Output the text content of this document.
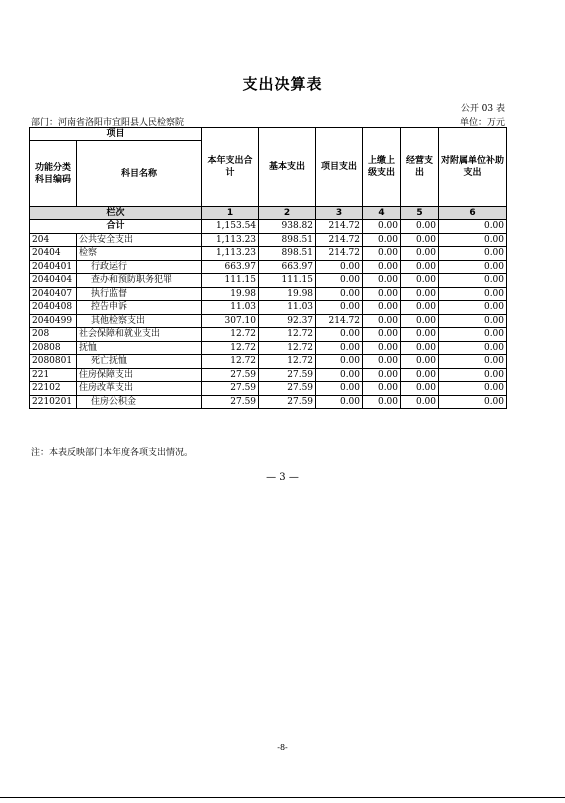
支出决算表
公开 03 表
部门：河南省洛阳市宜阳县人民检察院	单位：万元
项目		本年支出合计	基本支出	项目支出	上缴上级支出	经营支出	对附属单位补助支出
功能分类科目编码	科目名称						
栏次		1	2	3	4	5	6
合计		1,153.54	938.82	214.72	0.00	0.00	0.00
204	公共安全支出	1,113.23	898.51	214.72	0.00	0.00	0.00
20404	检察	1,113.23	898.51	214.72	0.00	0.00	0.00
2040401	行政运行	663.97	663.97	0.00	0.00	0.00	0.00
2040404	查办和预防职务犯罪	111.15	111.15	0.00	0.00	0.00	0.00
2040407	执行监督	19.98	19.98	0.00	0.00	0.00	0.00
2040408	控告申诉	11.03	11.03	0.00	0.00	0.00	0.00
2040499	其他检察支出	307.10	92.37	214.72	0.00	0.00	0.00
208	社会保障和就业支出	12.72	12.72	0.00	0.00	0.00	0.00
20808	抚恤	12.72	12.72	0.00	0.00	0.00	0.00
2080801	死亡抚恤	12.72	12.72	0.00	0.00	0.00	0.00
221	住房保障支出	27.59	27.59	0.00	0.00	0.00	0.00
22102	住房改革支出	27.59	27.59	0.00	0.00	0.00	0.00
2210201	住房公积金	27.59	27.59	0.00	0.00	0.00	0.00
注：本表反映部门本年度各项支出情况。
— 3 —
-8-
